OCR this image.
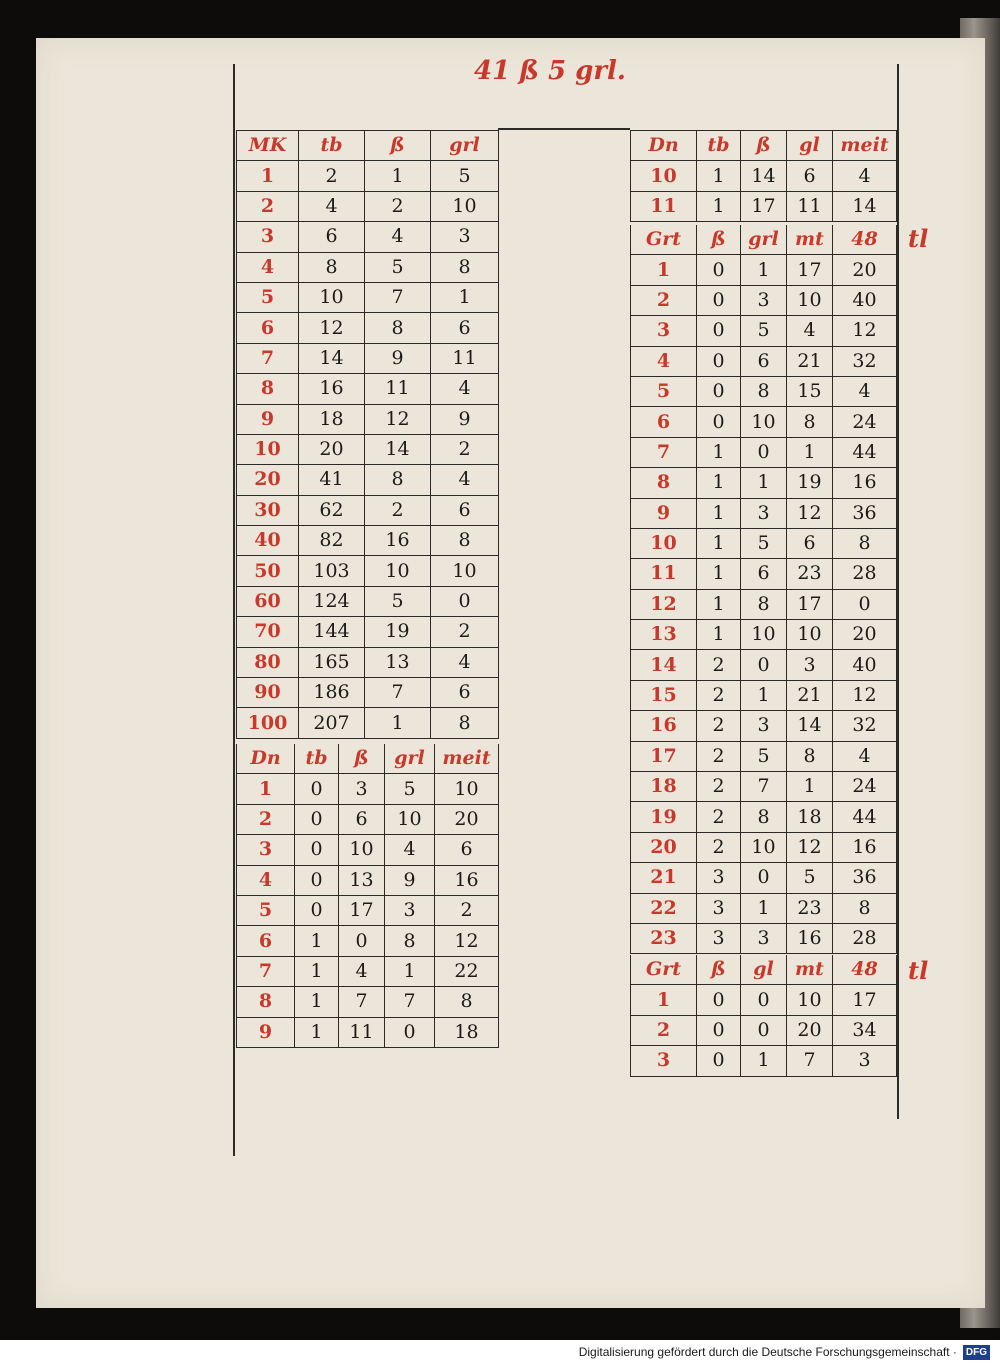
41 ß 5 grl.
MK	tb	ß	grl
1	2	1	5
2	4	2	10
3	6	4	3
4	8	5	8
5	10	7	1
6	12	8	6
7	14	9	11
8	16	11	4
9	18	12	9
10	20	14	2
20	41	8	4
30	62	2	6
40	82	16	8
50	103	10	10
60	124	5	0
70	144	19	2
80	165	13	4
90	186	7	6
100	207	1	8
Dn	tb	ß	grl	meit
1	0	3	5	10
2	0	6	10	20
3	0	10	4	6
4	0	13	9	16
5	0	17	3	2
6	1	0	8	12
7	1	4	1	22
8	1	7	7	8
9	1	11	0	18
Dn	tb	ß	gl	meit
10	1	14	6	4
11	1	17	11	14
Grt	ß	grl	mt	48
1	0	1	17	20
2	0	3	10	40
3	0	5	4	12
4	0	6	21	32
5	0	8	15	4
6	0	10	8	24
7	1	0	1	44
8	1	1	19	16
9	1	3	12	36
10	1	5	6	8
11	1	6	23	28
12	1	8	17	0
13	1	10	10	20
14	2	0	3	40
15	2	1	21	12
16	2	3	14	32
17	2	5	8	4
18	2	7	1	24
19	2	8	18	44
20	2	10	12	16
21	3	0	5	36
22	3	1	23	8
23	3	3	16	28
tl
Grt	ß	gl	mt	48
1	0	0	10	17
2	0	0	20	34
3	0	1	7	3
tl
Digitalisierung gefördert durch die Deutsche Forschungsgemeinschaft · DFG
